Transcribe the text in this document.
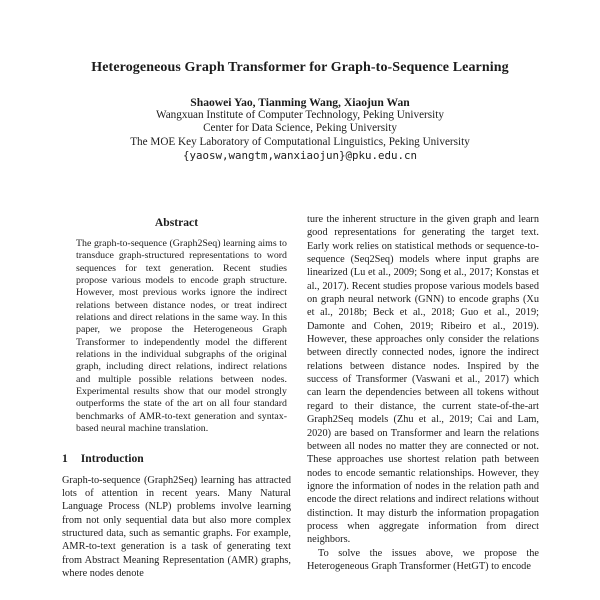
Heterogeneous Graph Transformer for Graph-to-Sequence Learning
Shaowei Yao, Tianming Wang, Xiaojun Wan
Wangxuan Institute of Computer Technology, Peking University
Center for Data Science, Peking University
The MOE Key Laboratory of Computational Linguistics, Peking University
{yaosw,wangtm,wanxiaojun}@pku.edu.cn
Abstract

The graph-to-sequence (Graph2Seq) learning aims to transduce graph-structured representations to word sequences for text generation. Recent studies propose various models to encode graph structure. However, most previous works ignore the indirect relations between distance nodes, or treat indirect relations and direct relations in the same way. In this paper, we propose the Heterogeneous Graph Transformer to independently model the different relations in the individual subgraphs of the original graph, including direct relations, indirect relations and multiple possible relations between nodes. Experimental results show that our model strongly outperforms the state of the art on all four standard benchmarks of AMR-to-text generation and syntax-based neural machine translation.

1 Introduction

Graph-to-sequence (Graph2Seq) learning has attracted lots of attention in recent years. Many Natural Language Process (NLP) problems involve learning from not only sequential data but also more complex structured data, such as semantic graphs. For example, AMR-to-text generation is a task of generating text from Abstract Meaning Representation (AMR) graphs, where nodes denote

ture the inherent structure in the given graph and learn good representations for generating the target text. Early work relies on statistical methods or sequence-to-sequence (Seq2Seq) models where input graphs are linearized (Lu et al., 2009; Song et al., 2017; Konstas et al., 2017). Recent studies propose various models based on graph neural network (GNN) to encode graphs (Xu et al., 2018b; Beck et al., 2018; Guo et al., 2019; Damonte and Cohen, 2019; Ribeiro et al., 2019). However, these approaches only consider the relations between directly connected nodes, ignore the indirect relations between distance nodes. Inspired by the success of Transformer (Vaswani et al., 2017) which can learn the dependencies between all tokens without regard to their distance, the current state-of-the-art Graph2Seq models (Zhu et al., 2019; Cai and Lam, 2020) are based on Transformer and learn the relations between all nodes no matter they are connected or not. These approaches use shortest relation path between nodes to encode semantic relationships. However, they ignore the information of nodes in the relation path and encode the direct relations and indirect relations without distinction. It may disturb the information propagation process when aggregate information from direct neighbors.

To solve the issues above, we propose the Heterogeneous Graph Transformer (HetGT) to encode
